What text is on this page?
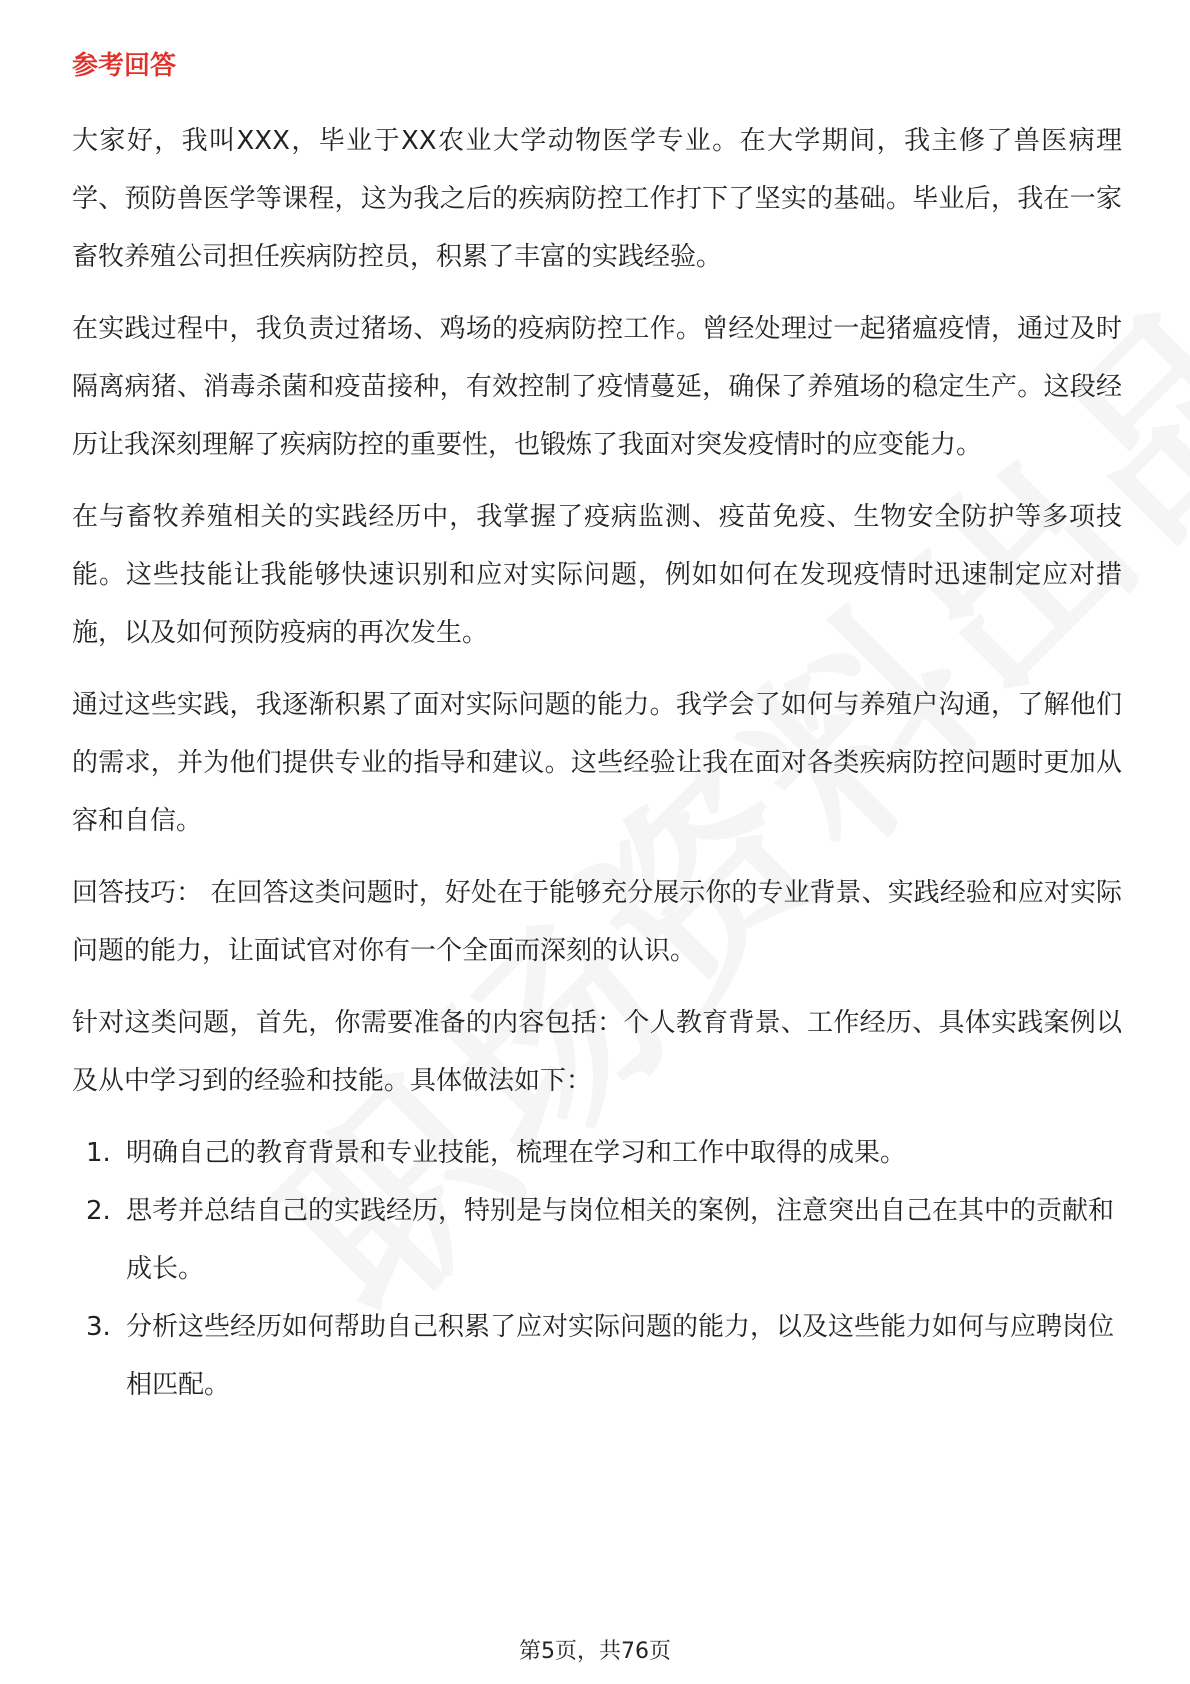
参考回答

大家好，我叫XXX，毕业于XX农业大学动物医学专业。在大学期间，我主修了兽医病理学、预防兽医学等课程，这为我之后的疾病防控工作打下了坚实的基础。毕业后，我在一家畜牧养殖公司担任疾病防控员，积累了丰富的实践经验。

在实践过程中，我负责过猪场、鸡场的疫病防控工作。曾经处理过一起猪瘟疫情，通过及时隔离病猪、消毒杀菌和疫苗接种，有效控制了疫情蔓延，确保了养殖场的稳定生产。这段经历让我深刻理解了疾病防控的重要性，也锻炼了我面对突发疫情时的应变能力。

在与畜牧养殖相关的实践经历中，我掌握了疫病监测、疫苗免疫、生物安全防护等多项技能。这些技能让我能够快速识别和应对实际问题，例如如何在发现疫情时迅速制定应对措施，以及如何预防疫病的再次发生。

通过这些实践，我逐渐积累了面对实际问题的能力。我学会了如何与养殖户沟通，了解他们的需求，并为他们提供专业的指导和建议。这些经验让我在面对各类疾病防控问题时更加从容和自信。

回答技巧： 在回答这类问题时，好处在于能够充分展示你的专业背景、实践经验和应对实际问题的能力，让面试官对你有一个全面而深刻的认识。

针对这类问题，首先，你需要准备的内容包括：个人教育背景、工作经历、具体实践案例以及从中学习到的经验和技能。具体做法如下：

1. 明确自己的教育背景和专业技能，梳理在学习和工作中取得的成果。
2. 思考并总结自己的实践经历，特别是与岗位相关的案例，注意突出自己在其中的贡献和成长。
3. 分析这些经历如何帮助自己积累了应对实际问题的能力，以及这些能力如何与应聘岗位相匹配。
第5页，共76页
